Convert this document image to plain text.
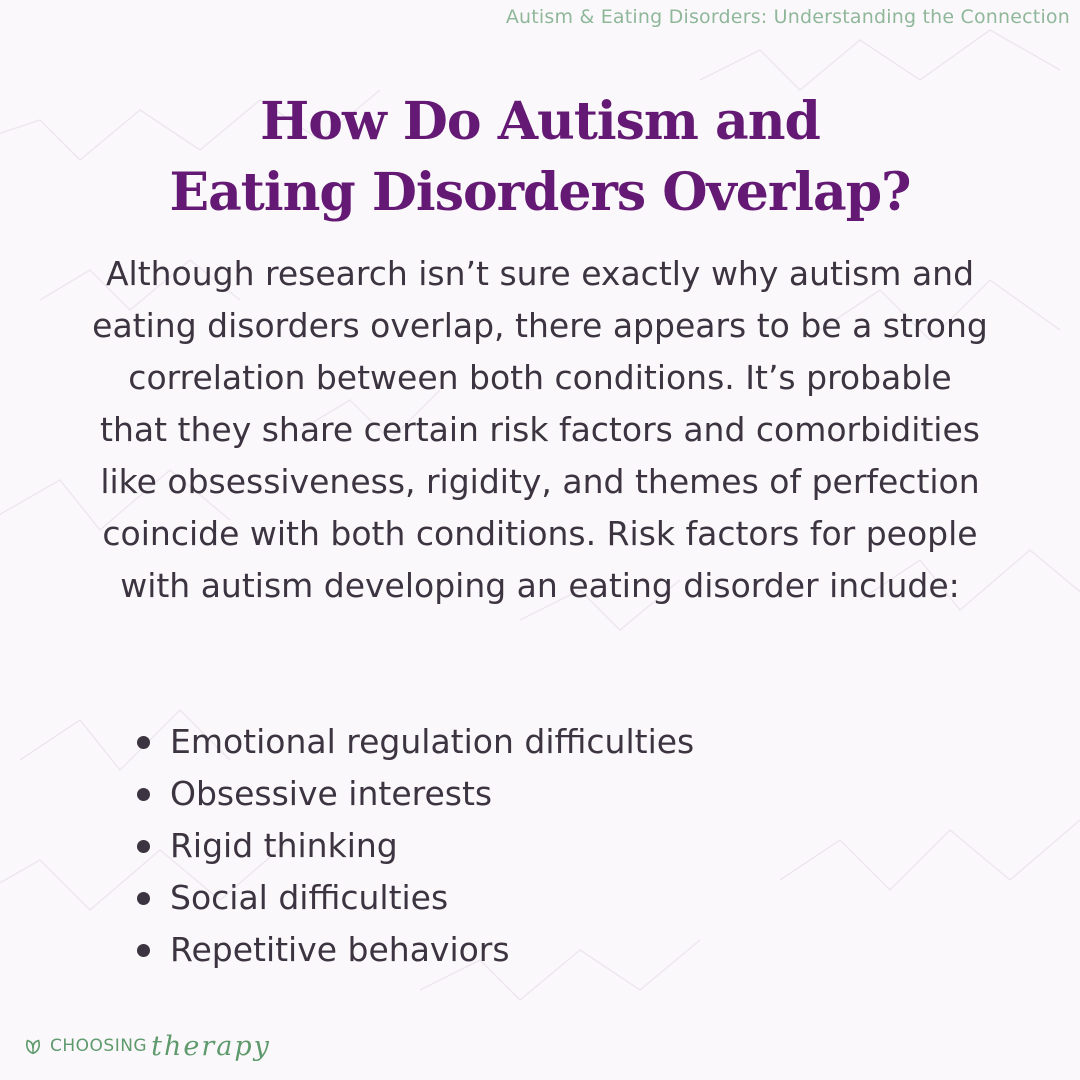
Autism & Eating Disorders: Understanding the Connection
How Do Autism and
Eating Disorders Overlap?

Although research isn’t sure exactly why autism and eating disorders overlap, there appears to be a strong correlation between both conditions. It’s probable that they share certain risk factors and comorbidities like obsessiveness, rigidity, and themes of perfection coincide with both conditions. Risk factors for people with autism developing an eating disorder include:

Emotional regulation difficulties
Obsessive interests
Rigid thinking
Social difficulties
Repetitive behaviors
CHOOSING therapy
